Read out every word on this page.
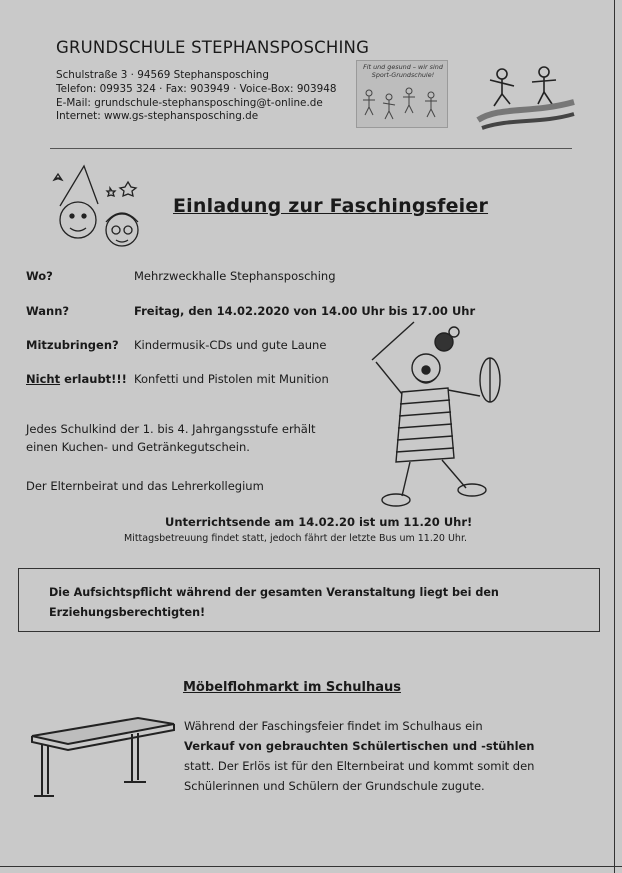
GRUNDSCHULE STEPHANSPOSCHING
Schulstraße 3 · 94569 Stephansposching
Telefon: 09935 324 · Fax: 903949 · Voice-Box: 903948
E-Mail: grundschule-stephansposching@t-online.de
Internet: www.gs-stephansposching.de
Fit und gesund – wir sind Sport-Grundschule!
Einladung zur Faschingsfeier
Wo?	Mehrzweckhalle Stephansposching
Wann?	Freitag, den 14.02.2020 von 14.00 Uhr bis 17.00 Uhr
Mitzubringen? Kindermusik-CDs und gute Laune
Nicht erlaubt!!! Konfetti und Pistolen mit Munition
Jedes Schulkind der 1. bis 4. Jahrgangsstufe erhält
einen Kuchen- und Getränkegutschein.
Der Elternbeirat und das Lehrerkollegium
Unterrichtsende am 14.02.20 ist um 11.20 Uhr!
Mittagsbetreuung findet statt, jedoch fährt der letzte Bus um 11.20 Uhr.
Die Aufsichtspflicht während der gesamten Veranstaltung liegt bei den
Erziehungsberechtigten!
Möbelflohmarkt im Schulhaus
Während der Faschingsfeier findet im Schulhaus ein
Verkauf von gebrauchten Schülertischen und -stühlen
statt. Der Erlös ist für den Elternbeirat und kommt somit den
Schülerinnen und Schülern der Grundschule zugute.
